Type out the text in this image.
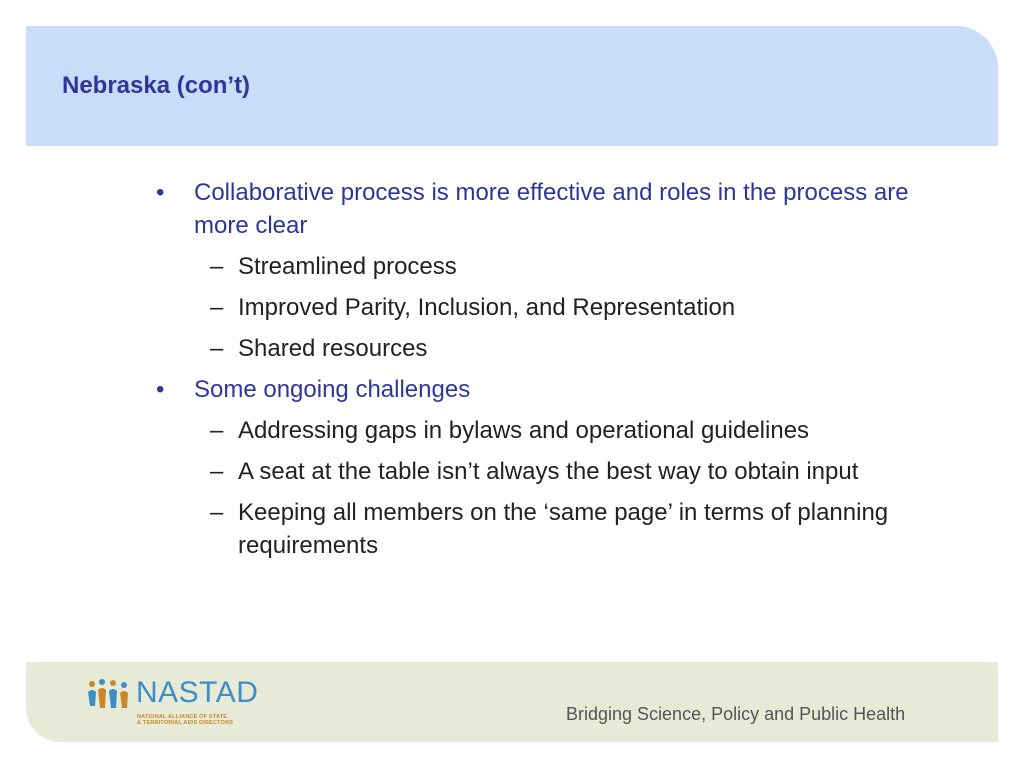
Nebraska (con’t)
• Collaborative process is more effective and roles in the process are more clear
– Streamlined process
– Improved Parity, Inclusion, and Representation
– Shared resources
• Some ongoing challenges
– Addressing gaps in bylaws and operational guidelines
– A seat at the table isn’t always the best way to obtain input
– Keeping all members on the ‘same page’ in terms of planning requirements
NASTAD
NATIONAL ALLIANCE OF STATE
& TERRITORIAL AIDS DIRECTORS	Bridging Science, Policy and Public Health
